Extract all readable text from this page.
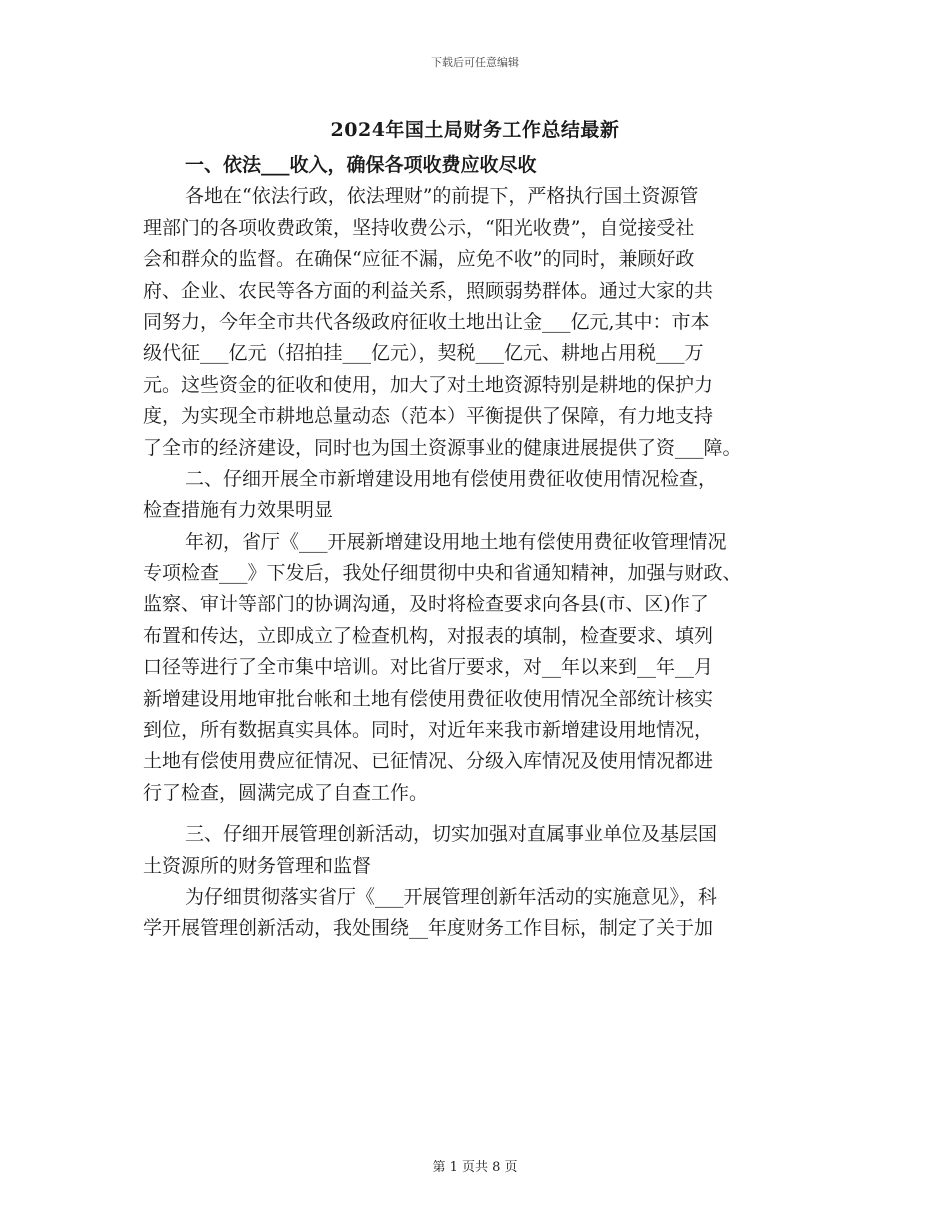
下载后可任意编辑
2024年国土局财务工作总结最新
一、依法___收入，确保各项收费应收尽收
各地在“依法行政，依法理财”的前提下，严格执行国土资源管
理部门的各项收费政策，坚持收费公示，“阳光收费”，自觉接受社
会和群众的监督。在确保“应征不漏，应免不收”的同时，兼顾好政
府、企业、农民等各方面的利益关系，照顾弱势群体。通过大家的共
同努力，今年全市共代各级政府征收土地出让金___亿元,其中：市本
级代征___亿元（招拍挂___亿元），契税___亿元、耕地占用税___万
元。这些资金的征收和使用，加大了对土地资源特别是耕地的保护力
度，为实现全市耕地总量动态（范本）平衡提供了保障，有力地支持
了全市的经济建设，同时也为国土资源事业的健康进展提供了资___障。
二、仔细开展全市新增建设用地有偿使用费征收使用情况检查，
检查措施有力效果明显
年初，省厅《___开展新增建设用地土地有偿使用费征收管理情况
专项检查___》下发后，我处仔细贯彻中央和省通知精神，加强与财政、
监察、审计等部门的协调沟通，及时将检查要求向各县(市、区)作了
布置和传达，立即成立了检查机构，对报表的填制，检查要求、填列
口径等进行了全市集中培训。对比省厅要求，对__年以来到__年__月
新增建设用地审批台帐和土地有偿使用费征收使用情况全部统计核实
到位，所有数据真实具体。同时，对近年来我市新增建设用地情况，
土地有偿使用费应征情况、已征情况、分级入库情况及使用情况都进
行了检查，圆满完成了自查工作。
三、仔细开展管理创新活动，切实加强对直属事业单位及基层国
土资源所的财务管理和监督
为仔细贯彻落实省厅《___开展管理创新年活动的实施意见》，科
学开展管理创新活动，我处围绕__年度财务工作目标，制定了关于加
第 1 页共 8 页
